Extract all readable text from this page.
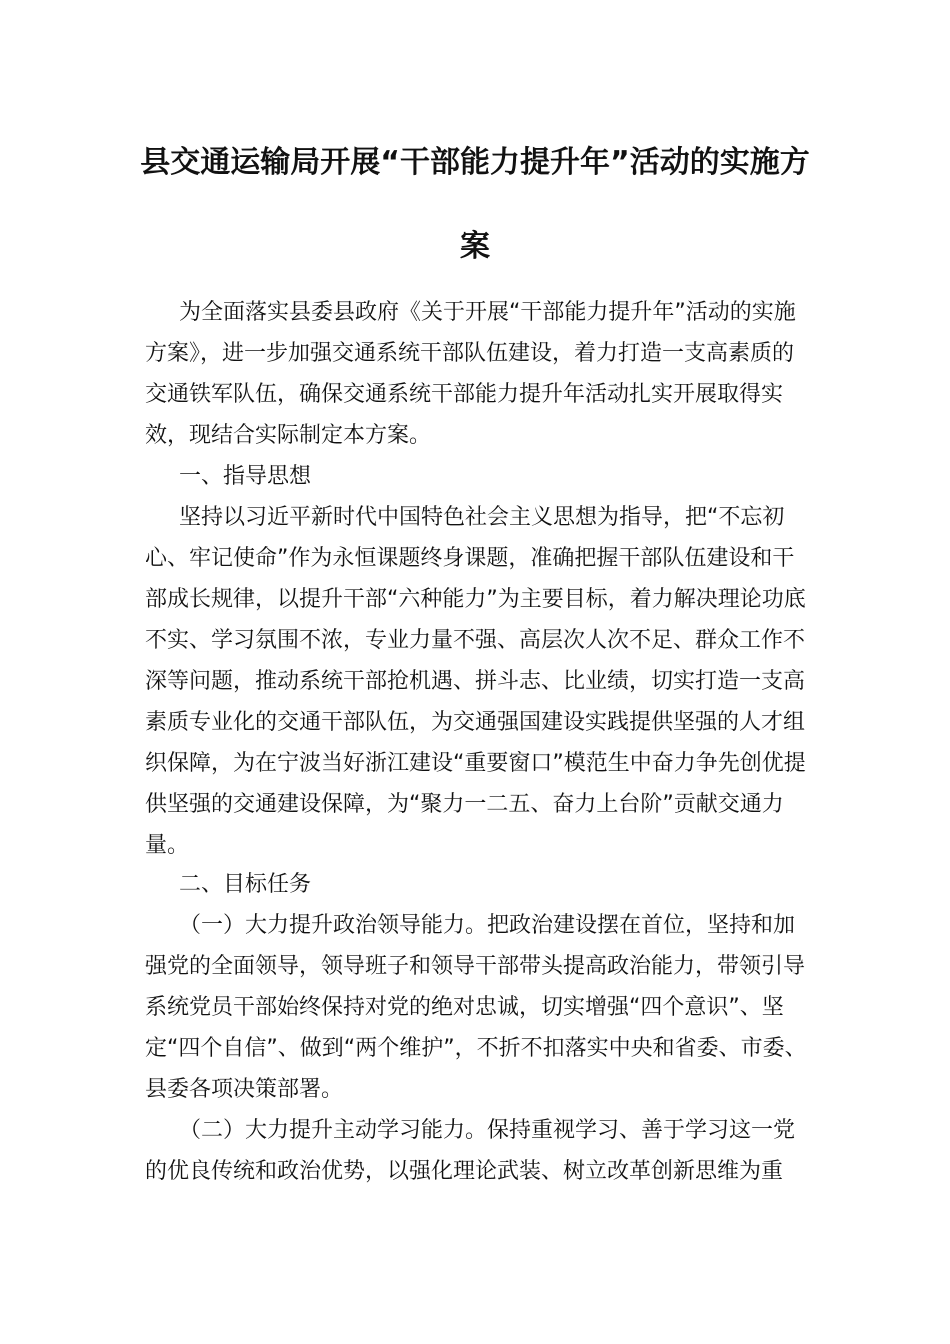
县交通运输局开展“干部能力提升年”活动的实施方
案

为全面落实县委县政府《关于开展“干部能力提升年”活动的实施方案》，进一步加强交通系统干部队伍建设，着力打造一支高素质的交通铁军队伍，确保交通系统干部能力提升年活动扎实开展取得实效，现结合实际制定本方案。

一、指导思想

坚持以习近平新时代中国特色社会主义思想为指导，把“不忘初心、牢记使命”作为永恒课题终身课题，准确把握干部队伍建设和干部成长规律，以提升干部“六种能力”为主要目标，着力解决理论功底不实、学习氛围不浓，专业力量不强、高层次人次不足、群众工作不深等问题，推动系统干部抢机遇、拼斗志、比业绩，切实打造一支高素质专业化的交通干部队伍，为交通强国建设实践提供坚强的人才组织保障，为在宁波当好浙江建设“重要窗口”模范生中奋力争先创优提供坚强的交通建设保障，为“聚力一二五、奋力上台阶”贡献交通力量。

二、目标任务

（一）大力提升政治领导能力。把政治建设摆在首位，坚持和加强党的全面领导，领导班子和领导干部带头提高政治能力，带领引导系统党员干部始终保持对党的绝对忠诚，切实增强“四个意识”、坚定“四个自信”、做到“两个维护”，不折不扣落实中央和省委、市委、县委各项决策部署。

（二）大力提升主动学习能力。保持重视学习、善于学习这一党的优良传统和政治优势，以强化理论武装、树立改革创新思维为重
